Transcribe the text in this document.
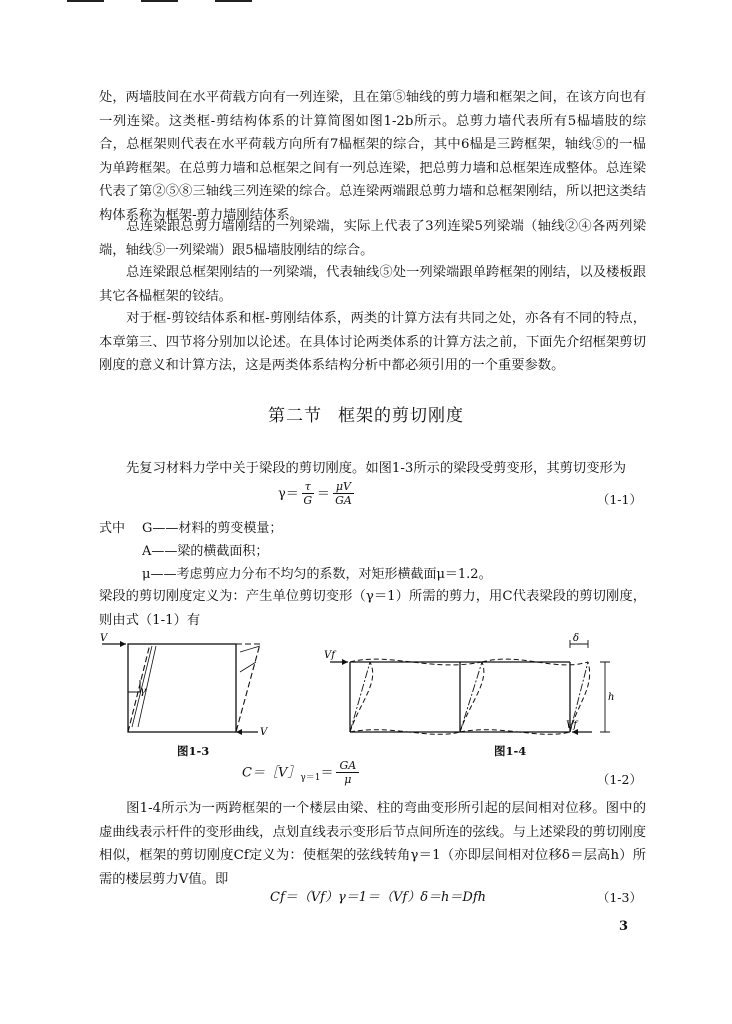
处，两墙肢间在水平荷载方向有一列连梁，且在第⑤轴线的剪力墙和框架之间，在该方向也有一列连梁。这类框-剪结构体系的计算简图如图1-2b所示。总剪力墙代表所有5榀墙肢的综合，总框架则代表在水平荷载方向所有7榀框架的综合，其中6榀是三跨框架，轴线⑤的一榀为单跨框架。在总剪力墙和总框架之间有一列总连梁，把总剪力墙和总框架连成整体。总连梁代表了第②⑤⑧三轴线三列连梁的综合。总连梁两端跟总剪力墙和总框架刚结，所以把这类结构体系称为框架-剪力墙刚结体系。

总连梁跟总剪力墙刚结的一列梁端，实际上代表了3列连梁5列梁端（轴线②④各两列梁端，轴线⑤一列梁端）跟5榀墙肢刚结的综合。

总连梁跟总框架刚结的一列梁端，代表轴线⑤处一列梁端跟单跨框架的刚结，以及楼板跟其它各榀框架的铰结。

对于框-剪铰结体系和框-剪刚结体系，两类的计算方法有共同之处，亦各有不同的特点，本章第三、四节将分别加以论述。在具体讨论两类体系的计算方法之前，下面先介绍框架剪切刚度的意义和计算方法，这是两类体系结构分析中都必须引用的一个重要参数。

第二节 框架的剪切刚度

先复习材料力学中关于梁段的剪切刚度。如图1-3所示的梁段受剪变形，其剪切变形为

$\gamma= \frac{\tau}{G} = \frac{\mu V}{GA}$	（1-1）
式中 G——材料的剪变模量；
A——梁的横截面积；
μ——考虑剪应力分布不均匀的系数，对矩形横截面μ＝1.2。

梁段的剪切刚度定义为：产生单位剪切变形（γ＝1）所需的剪力，用C代表梁段的剪切刚度，则由式（1-1）有

γ
V
V
图1-3
Vf
Vf
δ
h
图1-4
$C=[V]_{\gamma=1}= \frac{GA}{\mu}$	（1-2）

图1-4所示为一两跨框架的一个楼层由梁、柱的弯曲变形所引起的层间相对位移。图中的虚曲线表示杆件的变形曲线，点划直线表示变形后节点间所连的弦线。与上述梁段的剪切刚度相似，框架的剪切刚度Cf定义为：使框架的弦线转角γ＝1（亦即层间相对位移δ＝层高h）所需的楼层剪力V值。即

Cf＝（Vf）γ＝1＝（Vf）δ＝h＝Dfh	（1-3）
3
